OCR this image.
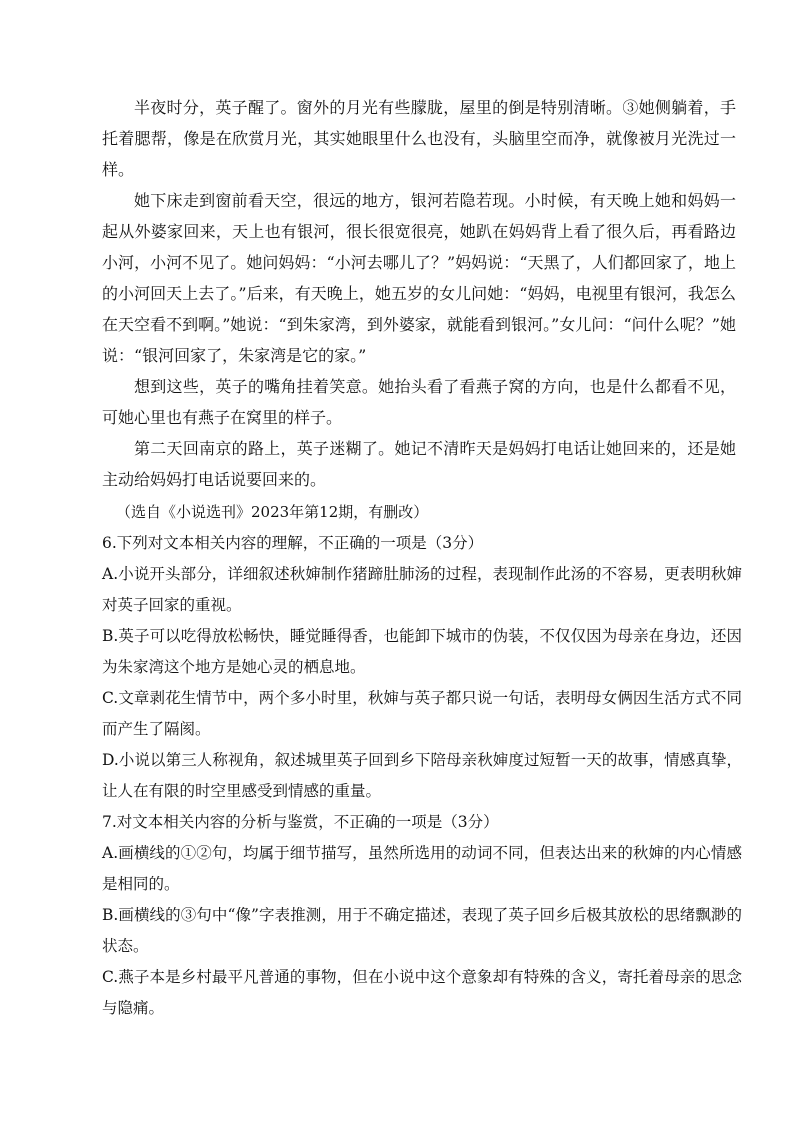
半夜时分，英子醒了。窗外的月光有些朦胧，屋里的倒是特别清晰。③她侧躺着，手托着腮帮，像是在欣赏月光，其实她眼里什么也没有，头脑里空而净，就像被月光洗过一样。

她下床走到窗前看天空，很远的地方，银河若隐若现。小时候，有天晚上她和妈妈一起从外婆家回来，天上也有银河，很长很宽很亮，她趴在妈妈背上看了很久后，再看路边小河，小河不见了。她问妈妈：“小河去哪儿了？”妈妈说：“天黑了，人们都回家了，地上的小河回天上去了。”后来，有天晚上，她五岁的女儿问她：“妈妈，电视里有银河，我怎么在天空看不到啊。”她说：“到朱家湾，到外婆家，就能看到银河。”女儿问：“问什么呢？”她说：“银河回家了，朱家湾是它的家。”

想到这些，英子的嘴角挂着笑意。她抬头看了看燕子窝的方向，也是什么都看不见，可她心里也有燕子在窝里的样子。

第二天回南京的路上，英子迷糊了。她记不清昨天是妈妈打电话让她回来的，还是她主动给妈妈打电话说要回来的。

（选自《小说选刊》2023年第12期，有删改）

6.下列对文本相关内容的理解，不正确的一项是（3分）

A.小说开头部分，详细叙述秋婶制作猪蹄肚肺汤的过程，表现制作此汤的不容易，更表明秋婶对英子回家的重视。

B.英子可以吃得放松畅快，睡觉睡得香，也能卸下城市的伪装，不仅仅因为母亲在身边，还因为朱家湾这个地方是她心灵的栖息地。

C.文章剥花生情节中，两个多小时里，秋婶与英子都只说一句话，表明母女俩因生活方式不同而产生了隔阂。

D.小说以第三人称视角，叙述城里英子回到乡下陪母亲秋婶度过短暂一天的故事，情感真挚，让人在有限的时空里感受到情感的重量。

7.对文本相关内容的分析与鉴赏，不正确的一项是（3分）

A.画横线的①②句，均属于细节描写，虽然所选用的动词不同，但表达出来的秋婶的内心情感是相同的。

B.画横线的③句中“像”字表推测，用于不确定描述，表现了英子回乡后极其放松的思绪飘渺的状态。

C.燕子本是乡村最平凡普通的事物，但在小说中这个意象却有特殊的含义，寄托着母亲的思念与隐痛。
